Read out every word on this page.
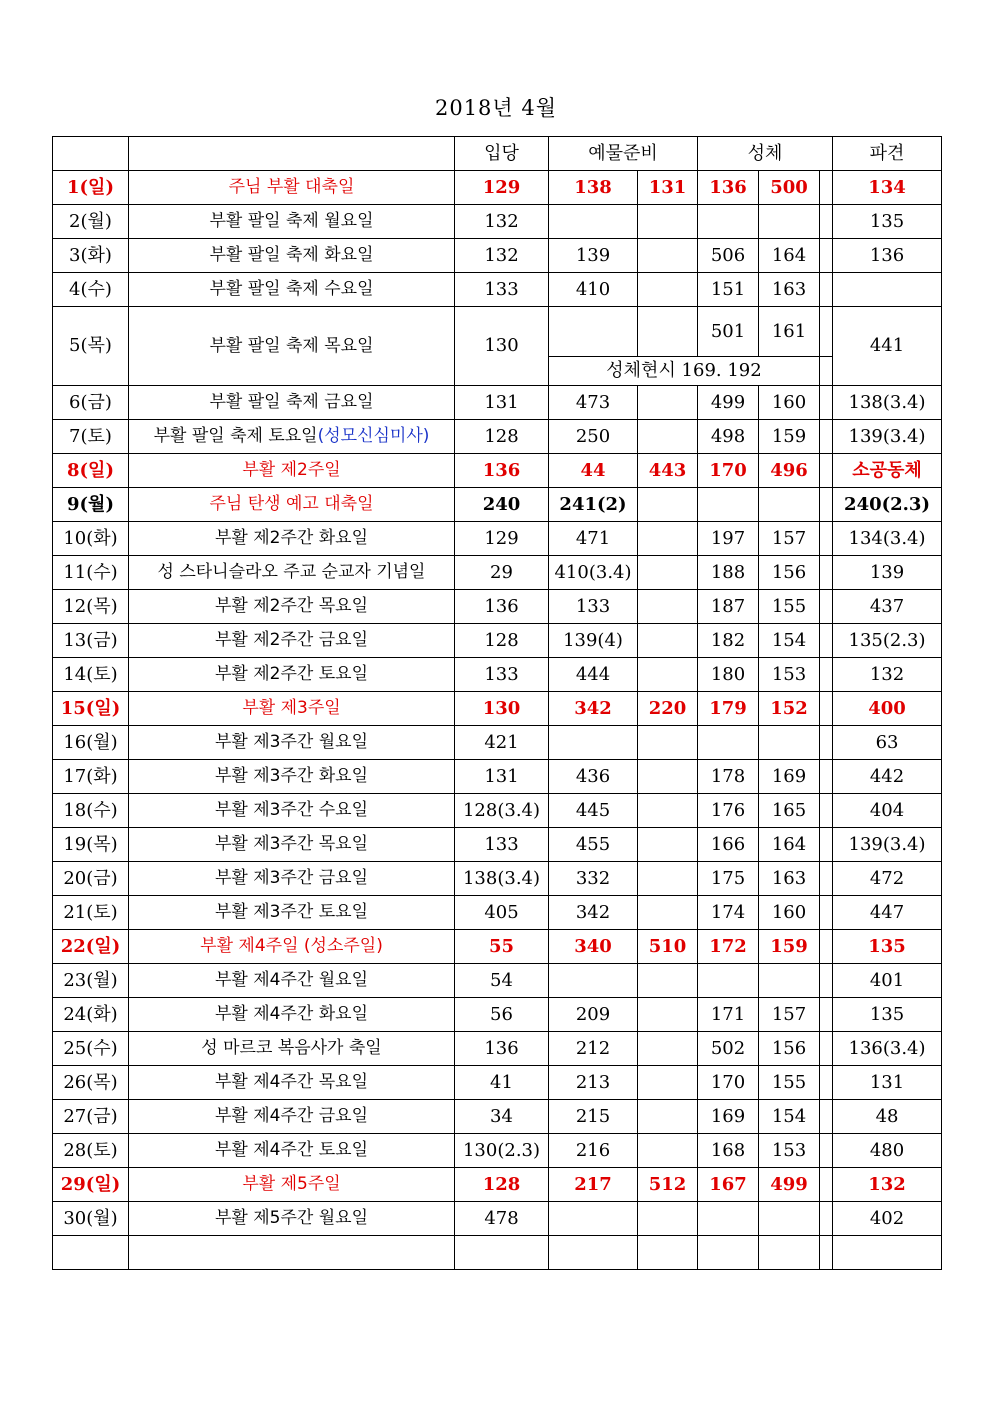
2018년 4월
		입당	예물준비		성체			파견
1(일)	주님 부활 대축일	129	138	131	136	500		134
2(월)	부활 팔일 축제 월요일	132						135
3(화)	부활 팔일 축제 화요일	132	139		506	164		136
4(수)	부활 팔일 축제 수요일	133	410		151	163		
5(목)	부활 팔일 축제 목요일	130			501	161		441
			성체현시 169. 192					
6(금)	부활 팔일 축제 금요일	131	473		499	160		138(3.4)
7(토)	부활 팔일 축제 토요일(성모신심미사)	128	250		498	159		139(3.4)
8(일)	부활 제2주일	136	44	443	170	496		소공동체
9(월)	주님 탄생 예고 대축일	240	241(2)					240(2.3)
10(화)	부활 제2주간 화요일	129	471		197	157		134(3.4)
11(수)	성 스타니슬라오 주교 순교자 기념일	29	410(3.4)		188	156		139
12(목)	부활 제2주간 목요일	136	133		187	155		437
13(금)	부활 제2주간 금요일	128	139(4)		182	154		135(2.3)
14(토)	부활 제2주간 토요일	133	444		180	153		132
15(일)	부활 제3주일	130	342	220	179	152		400
16(월)	부활 제3주간 월요일	421						63
17(화)	부활 제3주간 화요일	131	436		178	169		442
18(수)	부활 제3주간 수요일	128(3.4)	445		176	165		404
19(목)	부활 제3주간 목요일	133	455		166	164		139(3.4)
20(금)	부활 제3주간 금요일	138(3.4)	332		175	163		472
21(토)	부활 제3주간 토요일	405	342		174	160		447
22(일)	부활 제4주일 (성소주일)	55	340	510	172	159		135
23(월)	부활 제4주간 월요일	54						401
24(화)	부활 제4주간 화요일	56	209		171	157		135
25(수)	성 마르코 복음사가 축일	136	212		502	156		136(3.4)
26(목)	부활 제4주간 목요일	41	213		170	155		131
27(금)	부활 제4주간 금요일	34	215		169	154		48
28(토)	부활 제4주간 토요일	130(2.3)	216		168	153		480
29(일)	부활 제5주일	128	217	512	167	499		132
30(월)	부활 제5주간 월요일	478						402
